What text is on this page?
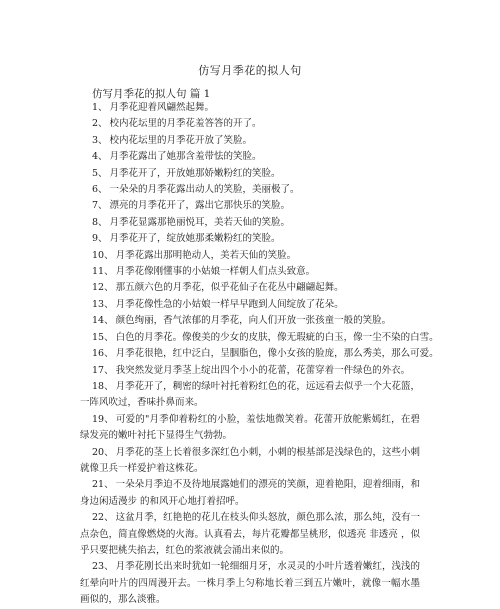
仿写月季花的拟人句
仿写月季花的拟人句 篇 1
1、 月季花迎着风翩然起舞。
2、 校内花坛里的月季花羞答答的开了。
3、 校内花坛里的月季花开放了笑脸。
4、 月季花露出了她那含羞带怯的笑脸。
5、 月季花开了，开放她那娇嫩粉红的笑脸。
6、 一朵朵的月季花露出动人的笑脸，美丽极了。
7、 漂亮的月季花开了，露出它那快乐的笑脸。
8、 月季花显露那艳丽悦耳，美若天仙的笑脸。
9、 月季花开了，绽放她那柔嫩粉红的笑脸。
10、 月季花露出那明艳动人，美若天仙的笑脸。
11、 月季花像刚懂事的小姑娘一样朝人们点头致意。
12、 那五颜六色的月季花，似乎花仙子在花丛中翩翩起舞。
13、 月季花像性急的小姑娘一样早早跑到人间绽放了花朵。
14、 颜色绚丽，香气浓郁的月季花，向人们开放一张孩童一般的笑脸。
15、 白色的月季花。像俊美的少女的皮肤，像无瑕疵的白玉，像一尘不染的白雪。
16、 月季花很艳，红中泛白，呈胭脂色，像小女孩的脸庞，那么秀美，那么可爱。
17、 我突然发觉月季茎上绽出四个小小的花蕾，花蕾穿着一件绿色的外衣。
18、 月季花开了，稠密的绿叶衬托着粉红色的花，远远看去似乎一个大花篮，一阵风吹过，香味扑鼻而来。
19、 可爱的"月季仰着粉红的小脸，羞怯地微笑着。花蕾开放舵紫嫣红，在碧绿发亮的嫩叶衬托下显得生气勃勃。
20、 月季花的茎上长着很多深红色小刺，小刺的根基部是浅绿色的，这些小刺就像卫兵一样爱护着这株花。
21、 一朵朵月季迫不及待地展露她们的漂亮的笑颜，迎着艳阳，迎着细雨，和身边闲适漫步 的和风开心地打着招呼。
22、 这盆月季，红艳艳的花儿在枝头仰头怒放，颜色那么浓，那么纯，没有一点杂色，简直像燃烧的火海。认真看去，每片花瓣都呈桃形，似透亮 非透亮 ，似乎只要把桃失掐去，红色的浆液就会涌出来似的。
23、 月季花刚长出来时犹如一轮细细月牙，水灵灵的小叶片透着嫩红，浅浅的红晕向叶片的四周漫开去。一株月季上匀称地长着三到五片嫩叶，就像一幅水墨画似的，那么淡雅。
